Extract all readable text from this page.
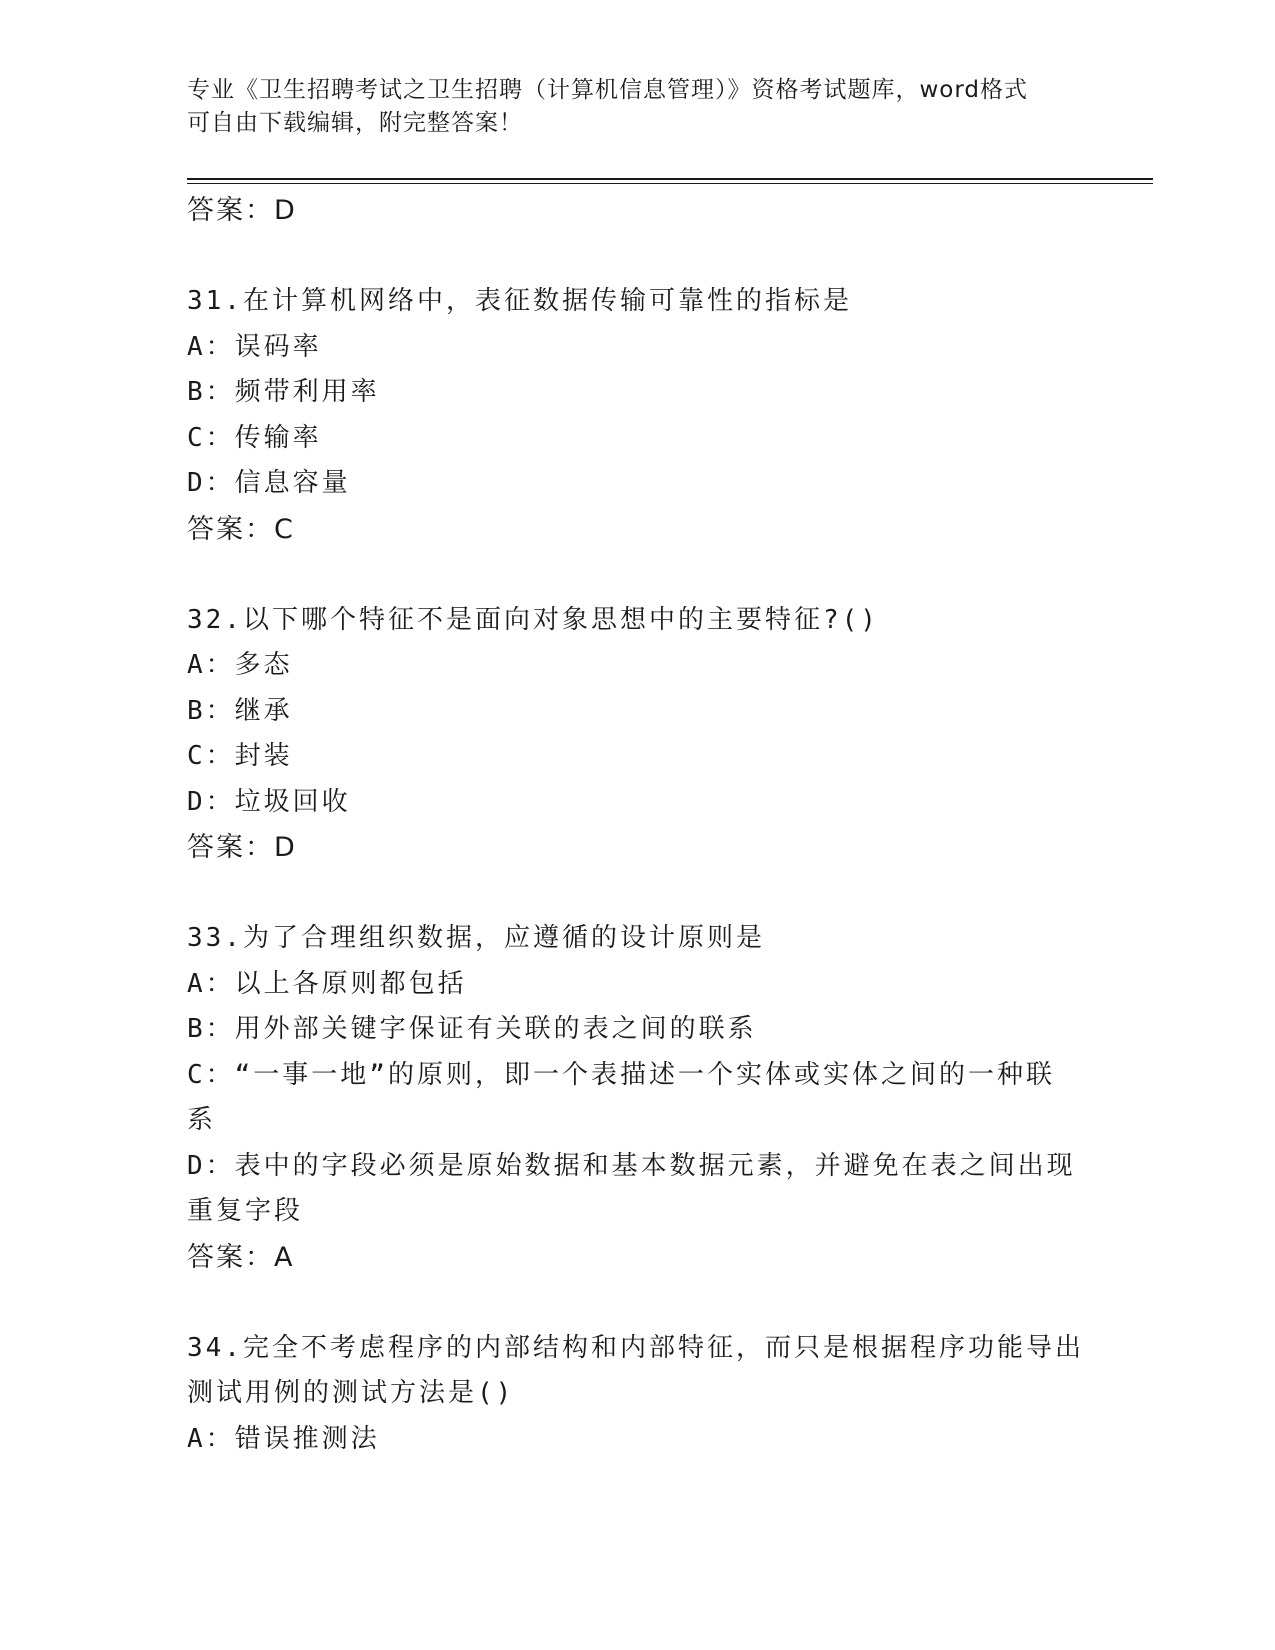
专业《卫生招聘考试之卫生招聘（计算机信息管理）》资格考试题库，word格式
可自由下载编辑，附完整答案！
答案：D
31.在计算机网络中，表征数据传输可靠性的指标是
A：误码率
B：频带利用率
C：传输率
D：信息容量
答案：C
32.以下哪个特征不是面向对象思想中的主要特征?()
A：多态
B：继承
C：封装
D：垃圾回收
答案：D
33.为了合理组织数据，应遵循的设计原则是
A：以上各原则都包括
B：用外部关键字保证有关联的表之间的联系
C：“一事一地”的原则，即一个表描述一个实体或实体之间的一种联
系
D：表中的字段必须是原始数据和基本数据元素，并避免在表之间出现
重复字段
答案：A
34.完全不考虑程序的内部结构和内部特征，而只是根据程序功能导出
测试用例的测试方法是()
A：错误推测法
